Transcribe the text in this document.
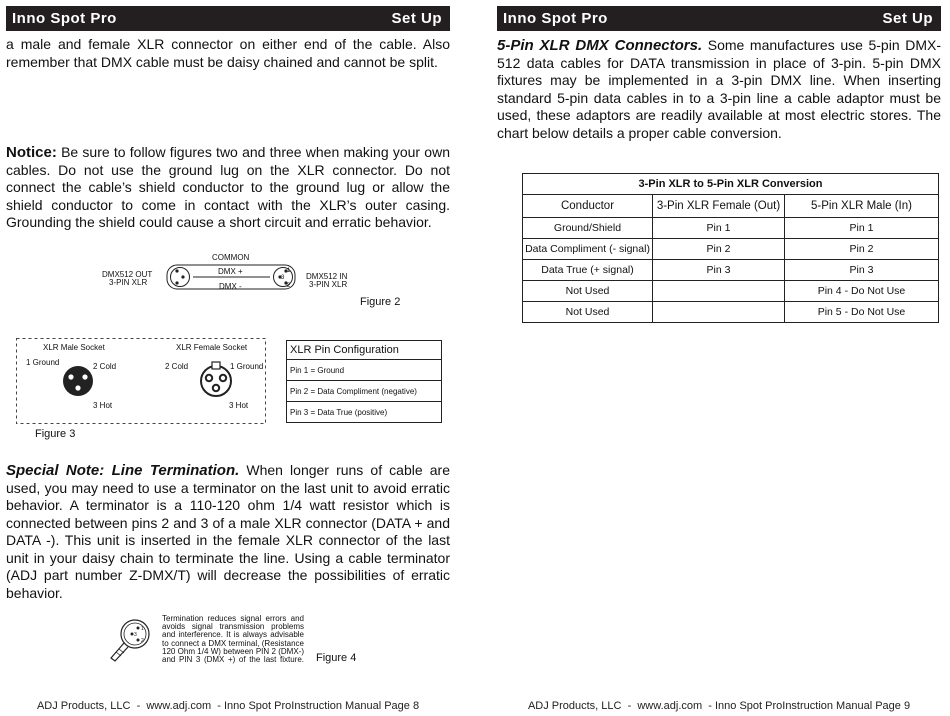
Inno Spot Pro	Set Up

a male and female XLR connector on either end of the cable. Also remember that DMX cable must be daisy chained and cannot be split.

Notice: Be sure to follow figures two and three when making your own cables. Do not use the ground lug on the XLR connector. Do not connect the cable’s shield conductor to the ground lug or allow the shield conductor to come in contact with the XLR’s outer casing. Grounding the shield could cause a short circuit and erratic behavior.

COMMON
DMX512 OUT
3-PIN XLR
DMX512 IN
3-PIN XLR
DMX +
DMX -
1
3
2
Figure 2
XLR Male Socket	XLR Female Socket
1 Ground	2 Cold
3 Hot
2 Cold	1 Ground
3 Hot
XLR Pin Configuration
Pin 1 = Ground
Pin 2 = Data Compliment (negative)
Pin 3 = Data True (positive)
Figure 3

Special Note: Line Termination. When longer runs of cable are used, you may need to use a terminator on the last unit to avoid erratic behavior. A terminator is a 110-120 ohm 1/4 watt resistor which is connected between pins 2 and 3 of a male XLR connector (DATA + and DATA -). This unit is inserted in the female XLR connector of the last unit in your daisy chain to terminate the line. Using a cable terminator (ADJ part number Z-DMX/T) will decrease the possibilities of erratic behavior.

1
3
2
Termination reduces signal errors and
avoids signal transmission problems
and interference. It is always advisable
to connect a DMX terminal, (Resistance
120 Ohm 1/4 W) between PIN 2 (DMX-)
and PIN 3 (DMX +) of the last fixture. Figure 4
ADJ Products, LLC  -  www.adj.com  - Inno Spot ProInstruction Manual Page 8
Inno Spot Pro	Set Up

5-Pin XLR DMX Connectors. Some manufactures use 5-pin DMX-512 data cables for DATA transmission in place of 3-pin. 5-pin DMX fixtures may be implemented in a 3-pin DMX line. When inserting standard 5-pin data cables in to a 3-pin line a cable adaptor must be used, these adaptors are readily available at most electric stores. The chart below details a proper cable conversion.

3-Pin XLR to 5-Pin XLR Conversion		
Conductor	3-Pin XLR Female (Out)	5-Pin XLR Male (In)
Ground/Shield	Pin 1	Pin 1
Data Compliment (- signal)	Pin 2	Pin 2
Data True (+ signal)	Pin 3	Pin 3
Not Used		Pin 4 - Do Not Use
Not Used		Pin 5 - Do Not Use
ADJ Products, LLC  -  www.adj.com  - Inno Spot ProInstruction Manual Page 9
